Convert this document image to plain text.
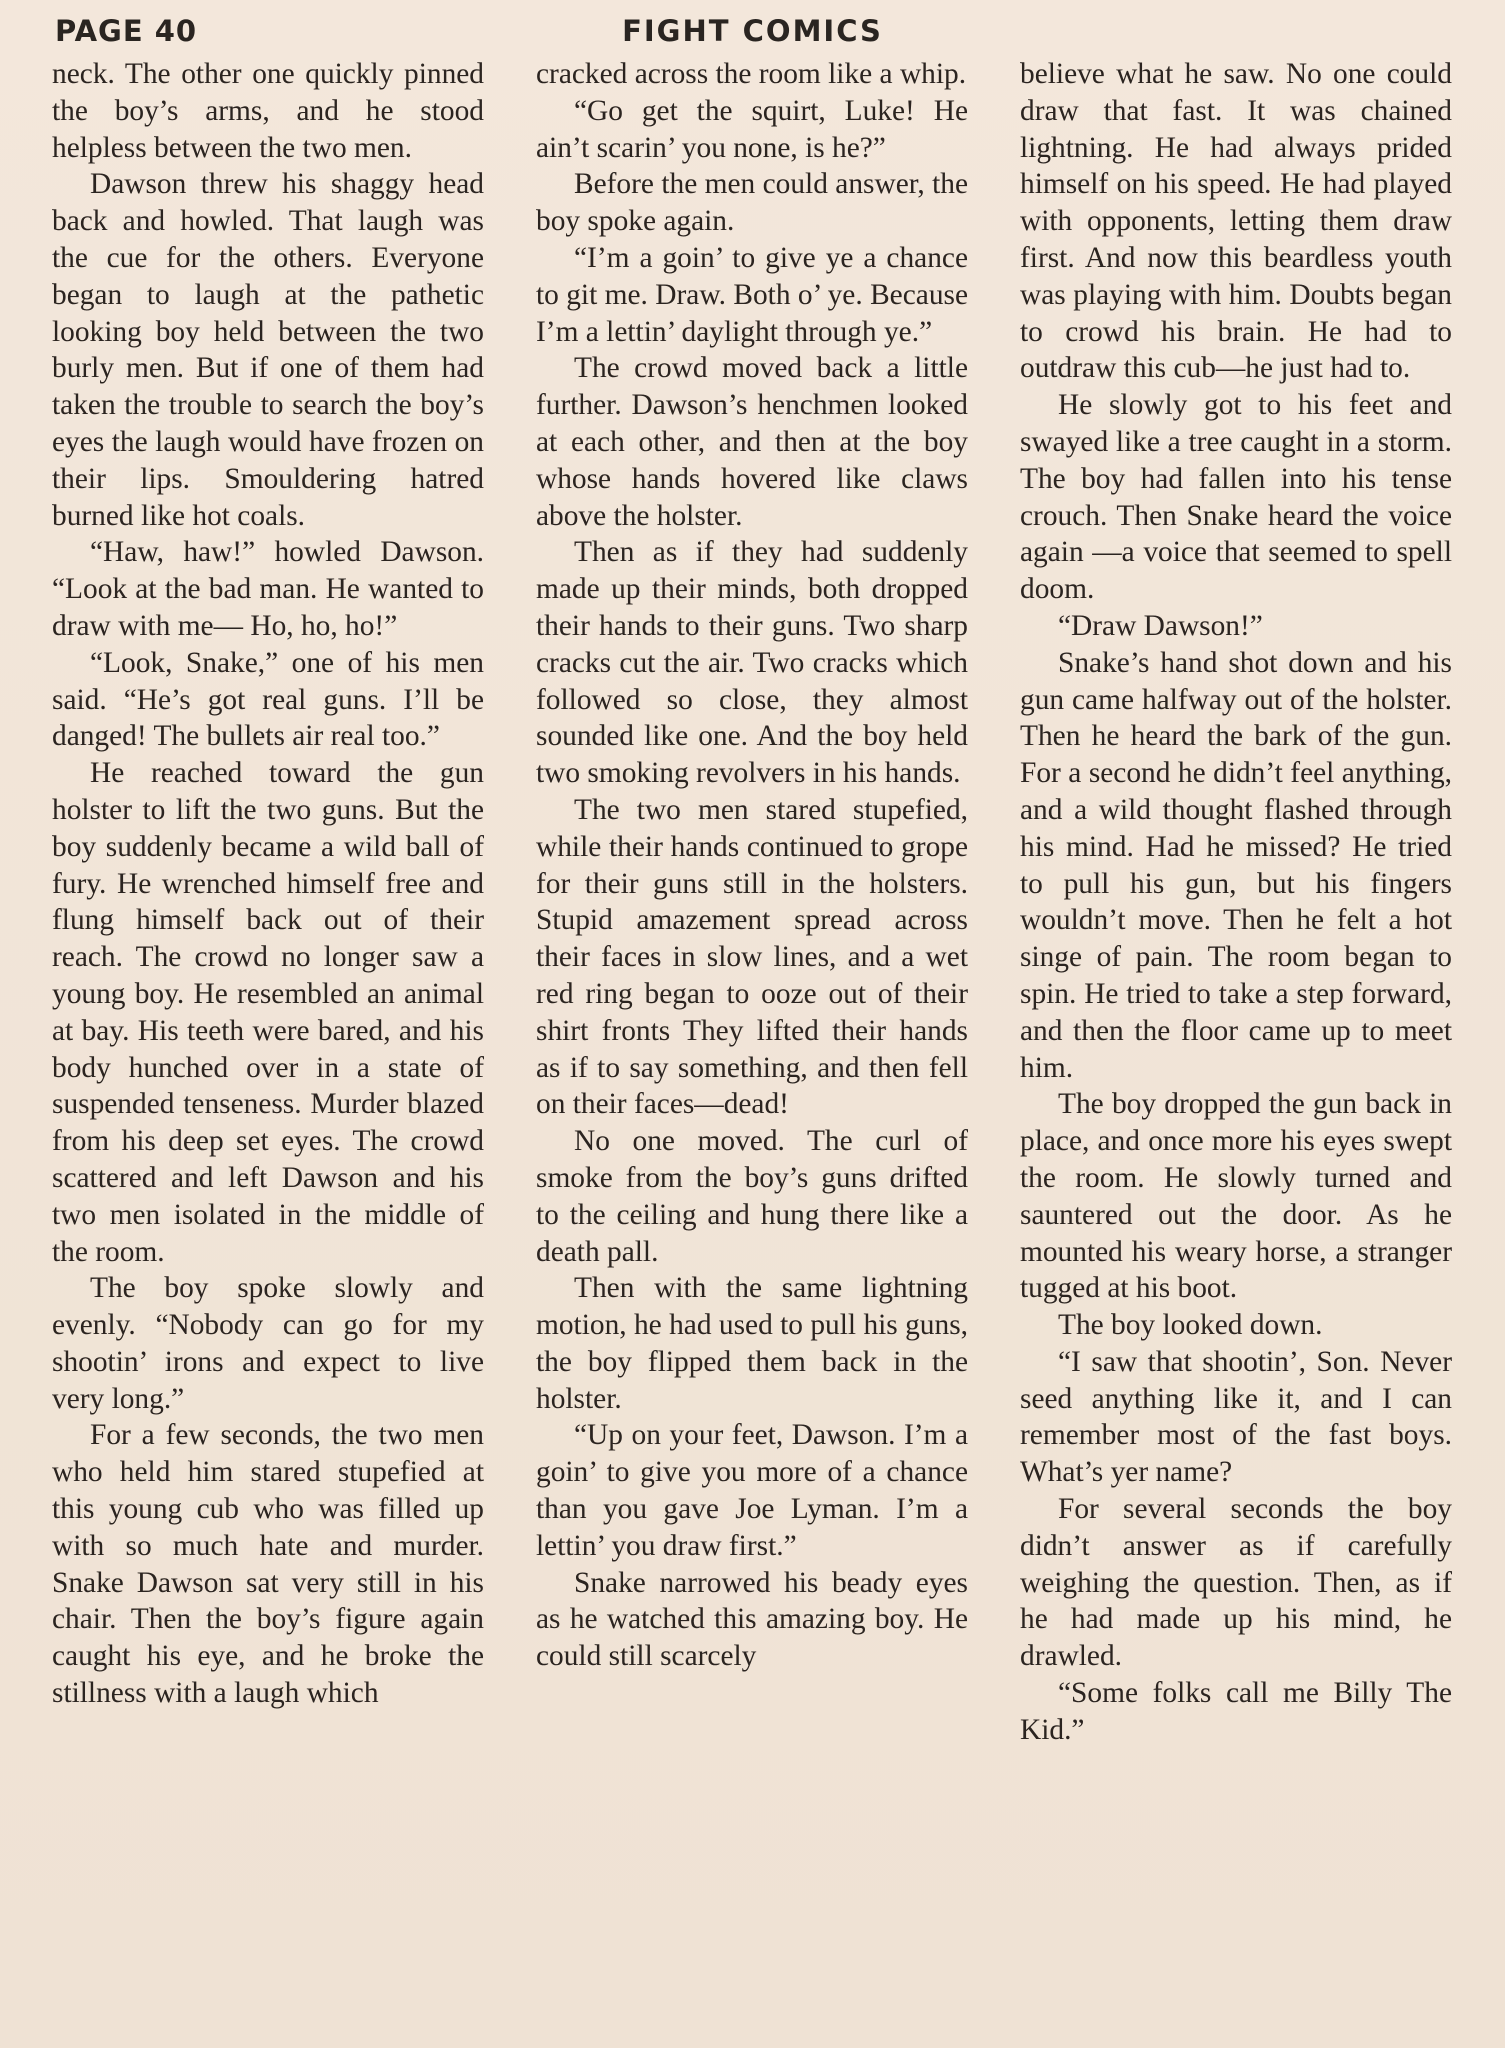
PAGE 40	FIGHT COMICS

neck. The other one quickly pinned the boy’s arms, and he stood helpless between the two men.

Dawson threw his shaggy head back and howled. That laugh was the cue for the others. Everyone began to laugh at the pathetic looking boy held between the two burly men. But if one of them had taken the trouble to search the boy’s eyes the laugh would have frozen on their lips. Smouldering hatred burned like hot coals.

“Haw, haw!” howled Dawson. “Look at the bad man. He wanted to draw with me— Ho, ho, ho!”

“Look, Snake,” one of his men said. “He’s got real guns. I’ll be danged! The bullets air real too.”

He reached toward the gun holster to lift the two guns. But the boy suddenly became a wild ball of fury. He wrenched himself free and flung himself back out of their reach. The crowd no longer saw a young boy. He resembled an animal at bay. His teeth were bared, and his body hunched over in a state of suspended tenseness. Murder blazed from his deep set eyes. The crowd scattered and left Dawson and his two men isolated in the middle of the room.

The boy spoke slowly and evenly. “Nobody can go for my shootin’ irons and expect to live very long.”

For a few seconds, the two men who held him stared stupefied at this young cub who was filled up with so much hate and murder. Snake Dawson sat very still in his chair. Then the boy’s figure again caught his eye, and he broke the stillness with a laugh which

cracked across the room like a whip.

“Go get the squirt, Luke! He ain’t scarin’ you none, is he?”

Before the men could answer, the boy spoke again.

“I’m a goin’ to give ye a chance to git me. Draw. Both o’ ye. Because I’m a lettin’ daylight through ye.”

The crowd moved back a little further. Dawson’s henchmen looked at each other, and then at the boy whose hands hovered like claws above the holster.

Then as if they had suddenly made up their minds, both dropped their hands to their guns. Two sharp cracks cut the air. Two cracks which followed so close, they almost sounded like one. And the boy held two smoking revolvers in his hands.

The two men stared stupefied, while their hands continued to grope for their guns still in the holsters. Stupid amazement spread across their faces in slow lines, and a wet red ring began to ooze out of their shirt fronts They lifted their hands as if to say something, and then fell on their faces—dead!

No one moved. The curl of smoke from the boy’s guns drifted to the ceiling and hung there like a death pall.

Then with the same lightning motion, he had used to pull his guns, the boy flipped them back in the holster.

“Up on your feet, Dawson. I’m a goin’ to give you more of a chance than you gave Joe Lyman. I’m a lettin’ you draw first.”

Snake narrowed his beady eyes as he watched this amazing boy. He could still scarcely

believe what he saw. No one could draw that fast. It was chained lightning. He had always prided himself on his speed. He had played with opponents, letting them draw first. And now this beardless youth was playing with him. Doubts began to crowd his brain. He had to outdraw this cub—he just had to.

He slowly got to his feet and swayed like a tree caught in a storm. The boy had fallen into his tense crouch. Then Snake heard the voice again —a voice that seemed to spell doom.

“Draw Dawson!”

Snake’s hand shot down and his gun came halfway out of the holster. Then he heard the bark of the gun. For a second he didn’t feel anything, and a wild thought flashed through his mind. Had he missed? He tried to pull his gun, but his fingers wouldn’t move. Then he felt a hot singe of pain. The room began to spin. He tried to take a step forward, and then the floor came up to meet him.

The boy dropped the gun back in place, and once more his eyes swept the room. He slowly turned and sauntered out the door. As he mounted his weary horse, a stranger tugged at his boot.

The boy looked down.

“I saw that shootin’, Son. Never seed anything like it, and I can remember most of the fast boys. What’s yer name?

For several seconds the boy didn’t answer as if carefully weighing the question. Then, as if he had made up his mind, he drawled.

“Some folks call me Billy The Kid.”
